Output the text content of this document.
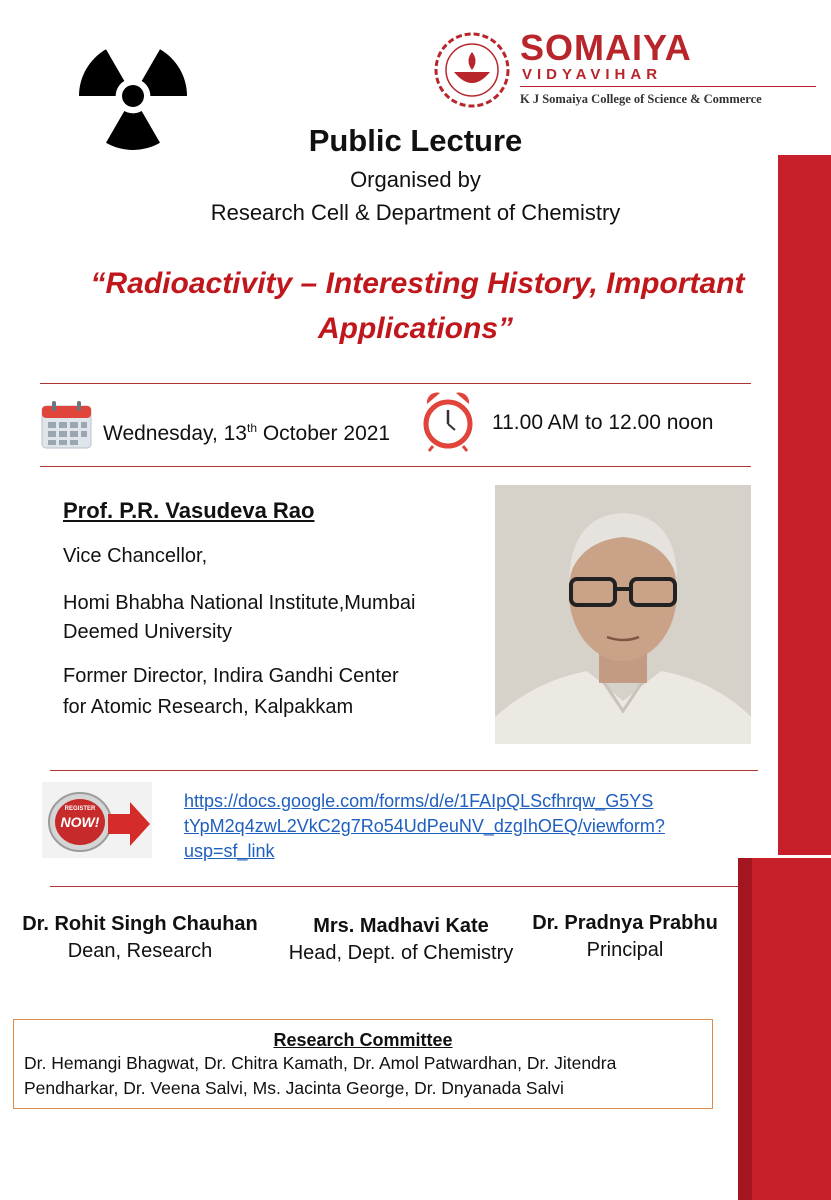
SOMAIYA
VIDYAVIHAR
K J Somaiya College of Science & Commerce
Public Lecture
Organised by
Research Cell & Department of Chemistry
“Radioactivity – Interesting History, Important
Applications”
Wednesday, 13th October 2021	11.00 AM to 12.00 noon
Prof. P.R. Vasudeva Rao
Vice Chancellor,
Homi Bhabha National Institute,Mumbai
Deemed University
Former Director, Indira Gandhi Center
for Atomic Research, Kalpakkam
REGISTER
NOW!
https://docs.google.com/forms/d/e/1FAIpQLScfhrqw_G5YS
tYpM2q4zwL2VkC2g7Ro54UdPeuNV_dzgIhOEQ/viewform?
usp=sf_link
Dr. Rohit Singh Chauhan
Dean, Research
Mrs. Madhavi Kate
Head, Dept. of Chemistry
Dr. Pradnya Prabhu
Principal
Research Committee
Dr. Hemangi Bhagwat, Dr. Chitra Kamath, Dr. Amol Patwardhan, Dr. Jitendra
Pendharkar, Dr. Veena Salvi, Ms. Jacinta George, Dr. Dnyanada Salvi
